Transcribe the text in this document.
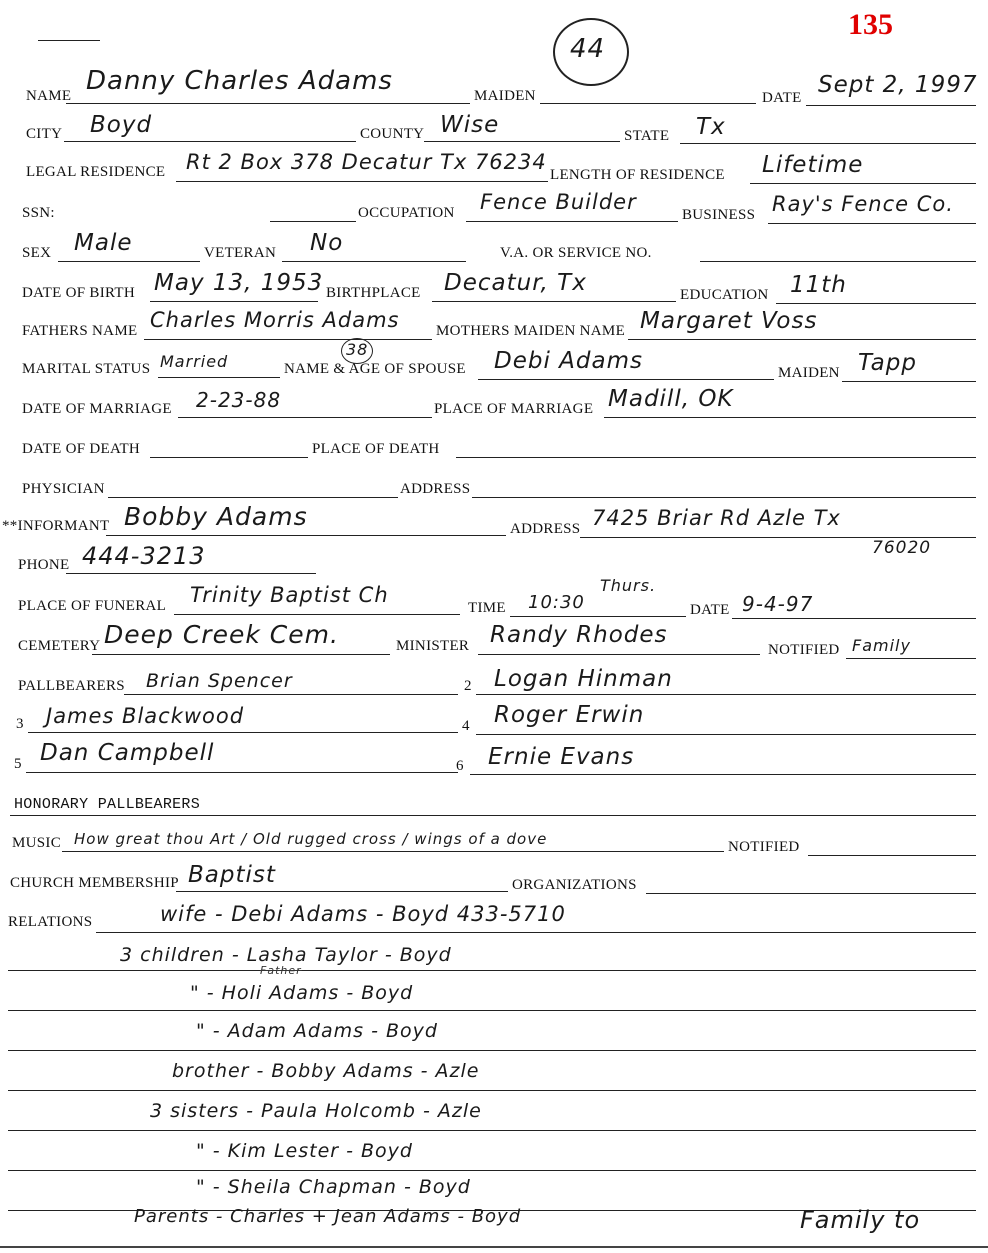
135
44
NAME Danny Charles Adams	MAIDEN	DATE Sept 2, 1997
CITY Boyd	COUNTY Wise	STATE Tx
LEGAL RESIDENCE Rt 2 Box 378 Decatur Tx 76234
LENGTH OF RESIDENCE Lifetime
SSN:	OCCUPATION Fence Builder
BUSINESS Ray's Fence Co.
SEX Male	VETERAN No	V.A. OR SERVICE NO.
DATE OF BIRTH May 13, 1953 BIRTHPLACE Decatur, Tx	EDUCATION 11th
FATHERS NAME Charles Morris Adams MOTHERS MAIDEN NAME Margaret Voss
MARITAL STATUS Married	NAME & AGE OF SPOUSE
38	Debi Adams	MAIDEN Tapp
DATE OF MARRIAGE 2-23-88	PLACE OF MARRIAGE Madill, OK
DATE OF DEATH	PLACE OF DEATH
PHYSICIAN	ADDRESS
**INFORMANT Bobby Adams	ADDRESS 7425 Briar Rd Azle Tx
76020
PHONE 444-3213
PLACE OF FUNERAL Trinity Baptist Ch
TIME 10:30
Thurs.
DATE 9-4-97
CEMETERY Deep Creek Cem.	MINISTER Randy Rhodes
NOTIFIED Family
PALLBEARERS Brian Spencer	2 Logan Hinman
3 James Blackwood	4 Roger Erwin
5 Dan Campbell	6 Ernie Evans
HONORARY PALLBEARERS
MUSIC How great thou Art / Old rugged cross / wings of a dove	NOTIFIED
CHURCH MEMBERSHIP Baptist	ORGANIZATIONS
RELATIONS	wife - Debi Adams - Boyd 433-5710
3 children - Lasha Taylor - Boyd
" - Holi Adams - Boyd
Father
" - Adam Adams - Boyd
brother - Bobby Adams - Azle
3 sisters - Paula Holcomb - Azle
" - Kim Lester - Boyd
" - Sheila Chapman - Boyd
Parents - Charles + Jean Adams - Boyd	Family to
